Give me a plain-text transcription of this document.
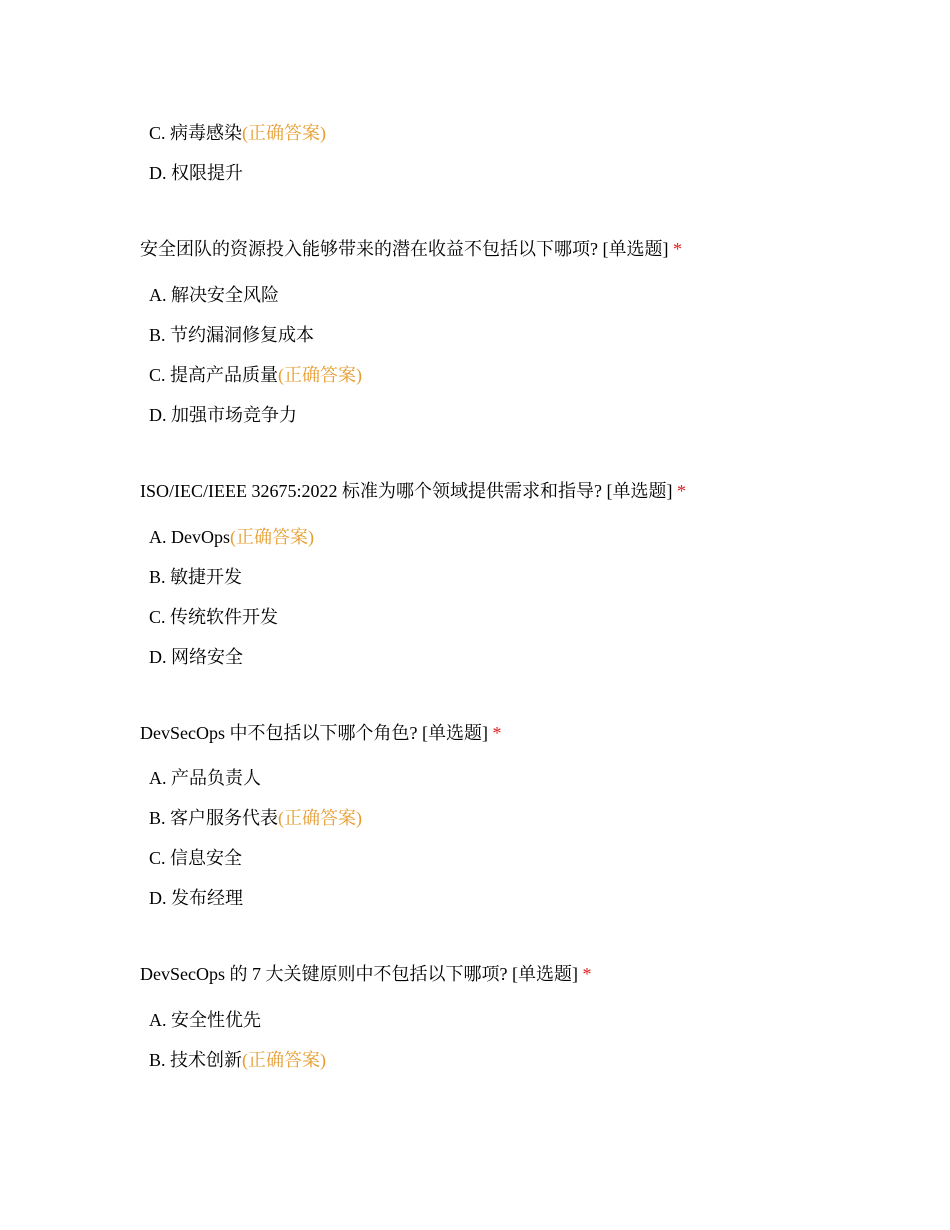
C. 病毒感染(正确答案)
D. 权限提升
安全团队的资源投入能够带来的潜在收益不包括以下哪项? [单选题] *
A. 解决安全风险
B. 节约漏洞修复成本
C. 提高产品质量(正确答案)
D. 加强市场竞争力
ISO/IEC/IEEE 32675:2022 标准为哪个领域提供需求和指导? [单选题] *
A. DevOps(正确答案)
B. 敏捷开发
C. 传统软件开发
D. 网络安全
DevSecOps 中不包括以下哪个角色? [单选题] *
A. 产品负责人
B. 客户服务代表(正确答案)
C. 信息安全
D. 发布经理
DevSecOps 的 7 大关键原则中不包括以下哪项? [单选题] *
A. 安全性优先
B. 技术创新(正确答案)
